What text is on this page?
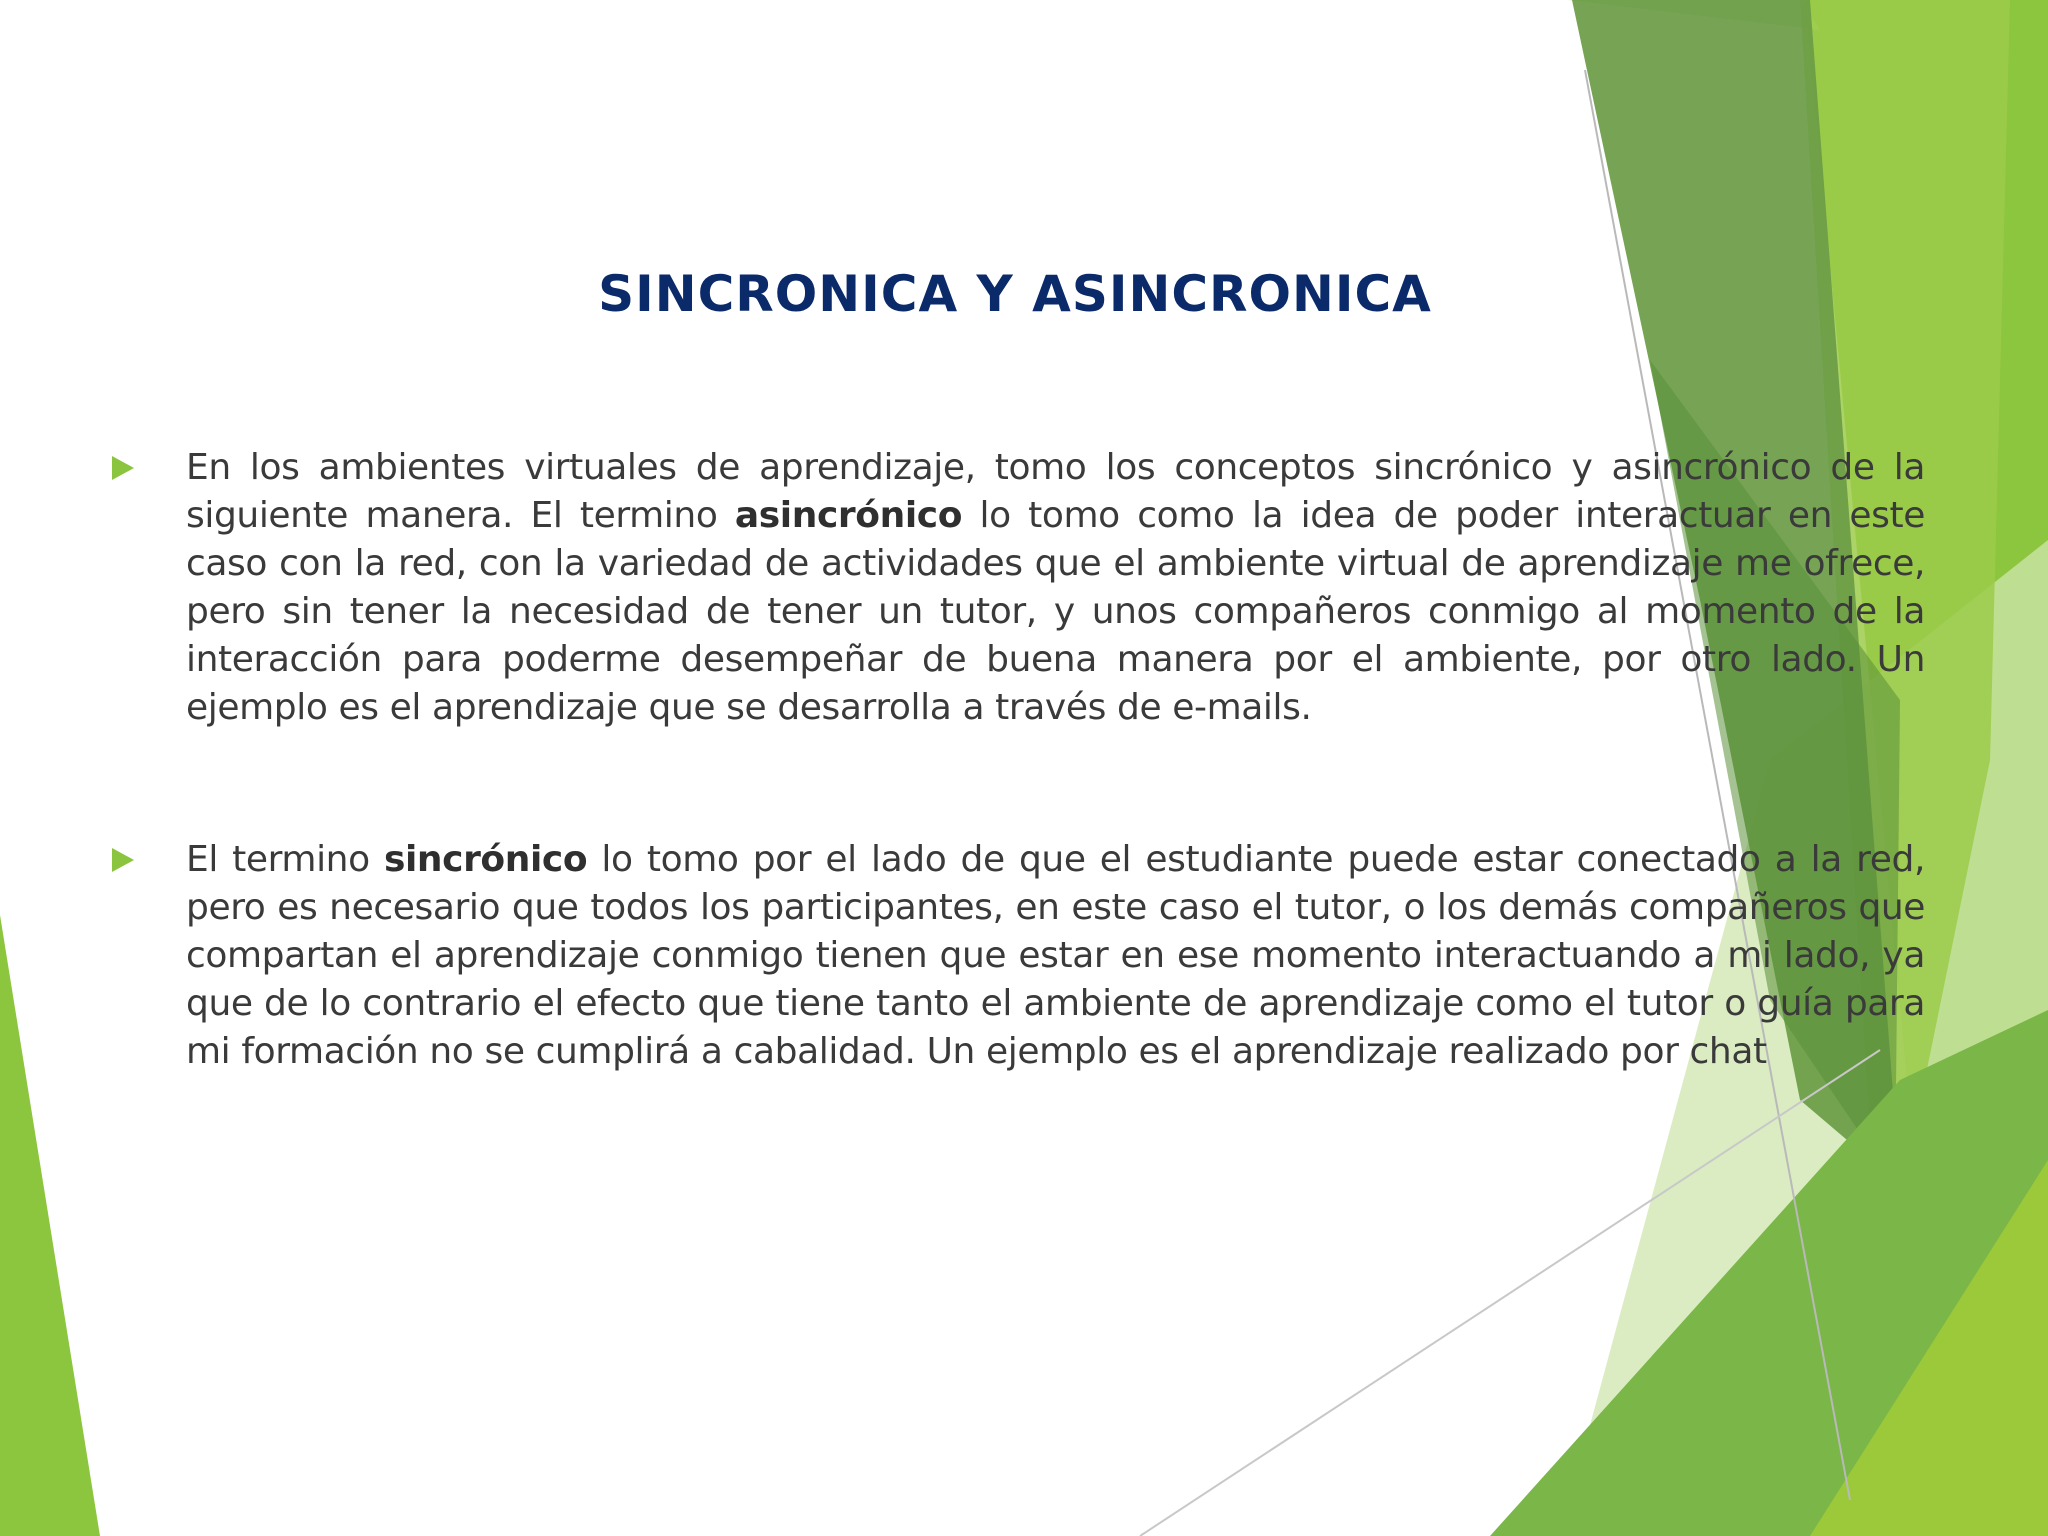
SINCRONICA Y ASINCRONICA
En los ambientes virtuales de aprendizaje, tomo los conceptos sincrónico y asincrónico de la siguiente manera. El termino asincrónico lo tomo como la idea de poder interactuar en este caso con la red, con la variedad de actividades que el ambiente virtual de aprendizaje me ofrece, pero sin tener la necesidad de tener un tutor, y unos compañeros conmigo al momento de la interacción para poderme desempeñar de buena manera por el ambiente, por otro lado. Un ejemplo es el aprendizaje que se desarrolla a través de e-mails.
El termino sincrónico lo tomo por el lado de que el estudiante puede estar conectado a la red, pero es necesario que todos los participantes, en este caso el tutor, o los demás compañeros que compartan el aprendizaje conmigo tienen que estar en ese momento interactuando a mi lado, ya que de lo contrario el efecto que tiene tanto el ambiente de aprendizaje como el tutor o guía para mi formación no se cumplirá a cabalidad. Un ejemplo es el aprendizaje realizado por chat
